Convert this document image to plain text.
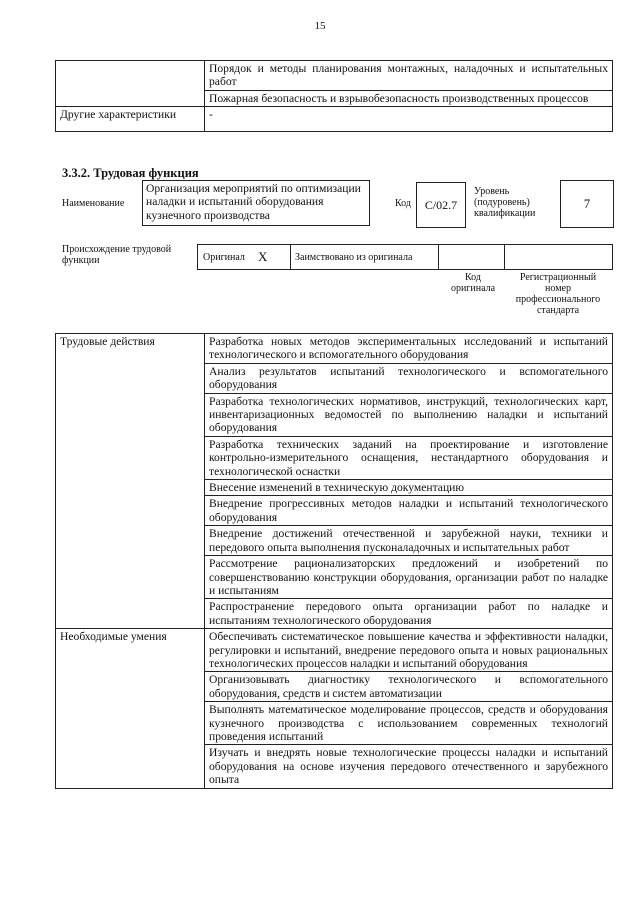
15
	Порядок и методы планирования монтажных, наладочных и испытательных работ
	Пожарная безопасность и взрывобезопасность производственных процессов
Другие характеристики	-
3.3.2. Трудовая функция
Наименование
Организация мероприятий по оптимизации наладки и испытаний оборудования кузнечного производства
Код	С/02.7
Уровень (подуровень) квалификации
7
Происхождение трудовой функции	Оригинал Х	Заимствовано из оригинала
Код оригинала
Регистрационный номер профессионального стандарта
Трудовые действия	Разработка новых методов экспериментальных исследований и испытаний технологического и вспомогательного оборудования
	Анализ результатов испытаний технологического и вспомогательного оборудования
	Разработка технологических нормативов, инструкций, технологических карт, инвентаризационных ведомостей по выполнению наладки и испытаний оборудования
	Разработка технических заданий на проектирование и изготовление контрольно-измерительного оснащения, нестандартного оборудования и технологической оснастки
	Внесение изменений в техническую документацию
	Внедрение прогрессивных методов наладки и испытаний технологического оборудования
	Внедрение достижений отечественной и зарубежной науки, техники и передового опыта выполнения пусконаладочных и испытательных работ
	Рассмотрение рационализаторских предложений и изобретений по совершенствованию конструкции оборудования, организации работ по наладке и испытаниям
	Распространение передового опыта организации работ по наладке и испытаниям технологического оборудования
Необходимые умения	Обеспечивать систематическое повышение качества и эффективности наладки, регулировки и испытаний, внедрение передового опыта и новых рациональных технологических процессов наладки и испытаний оборудования
	Организовывать диагностику технологического и вспомогательного оборудования, средств и систем автоматизации
	Выполнять математическое моделирование процессов, средств и оборудования кузнечного производства с использованием современных технологий проведения испытаний
	Изучать и внедрять новые технологические процессы наладки и испытаний оборудования на основе изучения передового отечественного и зарубежного опыта
